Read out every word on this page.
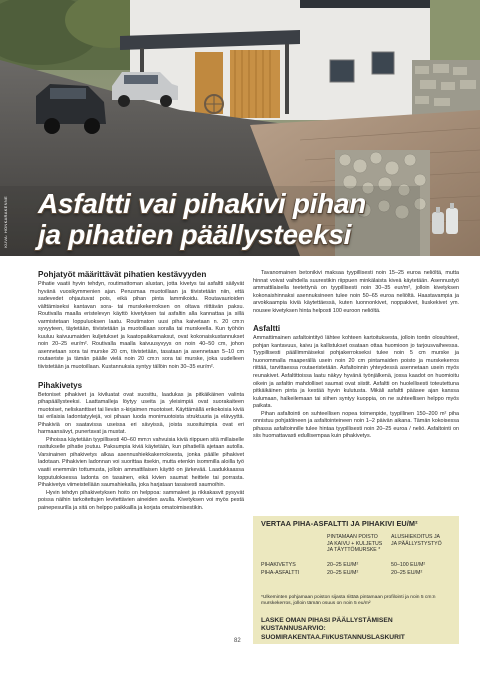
KUVA: HONKARAKENNE Asfaltti vai pihakivi pihan
ja pihatien päällysteeksi
Pohjatyöt määrittävät pihatien kestävyyden

Pihatie vaatii hyvin tehdyn, routimattoman alustan, jotta kivetys tai asfaltti säilyvät hyvänä vuosikymmenien ajan. Perusmaa muotoillaan ja tiivistetään niin, että sadevedet ohjautuvat pois, eikä pihan pinta lammikoidu. Routavaurioiden välttämiseksi kantavan sora- tai murskekerroksen on oltava riittävän paksu. Routivalla maalla eristelevyn käyttö kivetyksen tai asfaltin alla kannattaa ja sillä varmistetaan loppuluoksen laatu. Routimaton uusi piha kaivetaan n. 20 cm:n syvyyteen, täytetään, tiivistetään ja muotoillaan soralla tai murskeella. Kun työhön kuuluu kaivuumaiden kuljetukset ja kaatopaikkamaksut, ovat kokonaiskustannukset noin 20–25 eur/m². Routivalla maalla kaivuusyvyys on noin 40–50 cm, johon asennetaan sora tai murske 20 cm, tiivistetään, tasataan ja asennetaan 5–10 cm routaeriste ja tämän päälle vielä noin 20 cm:n sora tai murske, joka uudelleen tiivistetään ja muotoillaan. Kustannuksia syntyy tällöin noin 30–35 eur/m².

Pihakivetys

Betoniset pihakivet ja kiviluatat ovat suosittu, laadukas ja pitkäikäinen valinta pihapäällysteeksi. Laattamalleja löytyy useita ja yleisimpiä ovat suorakaiteen muotoiset, neliskanttiset tai lievän s-kirjaimen muotoiset. Käyttämällä erikokoisia kiviä tai erilaisia ladontatyylejä, voi pihaan luoda monimuotoista struktuuria ja elävyyttä. Pihakiviä on saatavissa useissa eri sävyissä, joista suosituimpia ovat eri harmaansävyt, punertavat ja mustat.

Pihoissa käytetään tyypillisesti 40–60 mm:n vahvuisia kiviä riippuen sitä millaiselle rasitukselle pihatie joutuu. Paksumpia kiviä käytetään, kun pihatiellä ajetaan autolla. Varsinainen pihakivetys alkaa asennushiekkakerroksesta, jonka päälle pihakivet ladotaan. Pihakivien ladonnan voi suorittaa itsekin, mutta etenkin isommilla aloilla työ vaatii enemmän tottumusta, jolloin ammattilaisen käyttö on järkevää. Laadukkaassa lopputuloksessa ladonta on tasainen, eikä kivien saumat heittele tai porrasta. Pihakivetys viimeistellään saumahiekalla, joka harjataan tasaisesti saumoihin.

Hyvin tehdyn pihakivetyksen hoito on helppoa: sammaleet ja rikkakasvit pysyvät poissa näihin tarkoitettujen levitettävien aineiden avulla. Kivetyksen voi myös pestä painepesurilla ja sitä on helppo paikkailla ja korjata omatoimisestikin.

Tavanomainen betonikivi maksaa tyypillisesti noin 15–25 euroa neliöltä, mutta hinnat voivat vaihdella suurestikin riippuen minkälaista kiveä käytetään. Asennustyö ammattilaisella teetettynä on tyypillisesti noin 30–35 eur/m², jolloin kivetyksen kokonaishinnaksi asennuksineen tulee noin 50–65 euroa neliöltä. Haastavampia ja arvokkaampia kiviä käytettäessä, kuten luonnonkivet, noppakivet, liuskekivet ym. nousee kivetyksen hinta helposti 100 euroon neliöltä.

Asfaltti

Ammattimainen asfaltointityö lähtee kohteen kartoituksesta, jolloin tontin olosuhteet, pohjan kantavuus, kaivu ja kallistukset osataan ottaa huomioon jo tarjousvaiheessa. Tyypillisesti päällimmäiseksi pohjakerrokseksi tulee noin 5 cm murske ja huonommalla maaperällä usein noin 20 cm pintamaiden poisto ja murskekerros riittää, tarvittaessa routaeristetään. Asfaltoinnin yhteydessä asennetaan usein myös reunakivet. Asfaltittoissa laatu näkyy hyvänä työnjälkenä, jossa kaadot on huomioitu oikein ja asfaltin mahdolliset saumat ovat siistit. Asfaltti on huolellisesti toteutettuna pitkäikäinen pinta ja kestää hyvin kulutusta. Mikäli asfaltti pääsee ajan kanssa kulumaan, halkeilemaan tai siihen syntyy kuoppia, on ne suhteellisen helppo myös paikata.

Pihan asfaltointi on suhteellisen nopea toimenpide, tyypillinen 150–200 m² piha onnistuu pohjatöineen ja asfaltointeineen noin 1–2 päivän aikana. Tämän kokoisessa pihassa asfaltoinnille tulee hintaa tyypillisesti noin 20–25 euroa / neliö. Asfaltointi on siis huomattavasti edullisempaa kuin pihakivetys.

VERTAA PIHA-ASFALTTI JA PIHAKIVI EU/M²
PINTAMAAN POISTO
JA KAIVU + KULJETUS
JA TÄYTTÖMURSKE *
ALUSHIEKOITUS JA
JA PÄÄLLYSTYSTYÖ
PIHAKIVETYS	20–25 EU/M²	50–100 EU/M²
PIHA-ASFALTTI	20–25 EU/M²	20–25 EU/M²
*Ulkeminten pohjamaan poiston sijasta riittää pintamaan profilointi ja noin 5 cm:n murskekerros, jolloin tämän osuus on noin 5 eu/m²
LASKE OMAN PIHASI PÄÄLLYSTÄMISEN KUSTANNUSARVIO: SUOMIRAKENTAA.FI/KUSTANNUSLASKURIT
82
